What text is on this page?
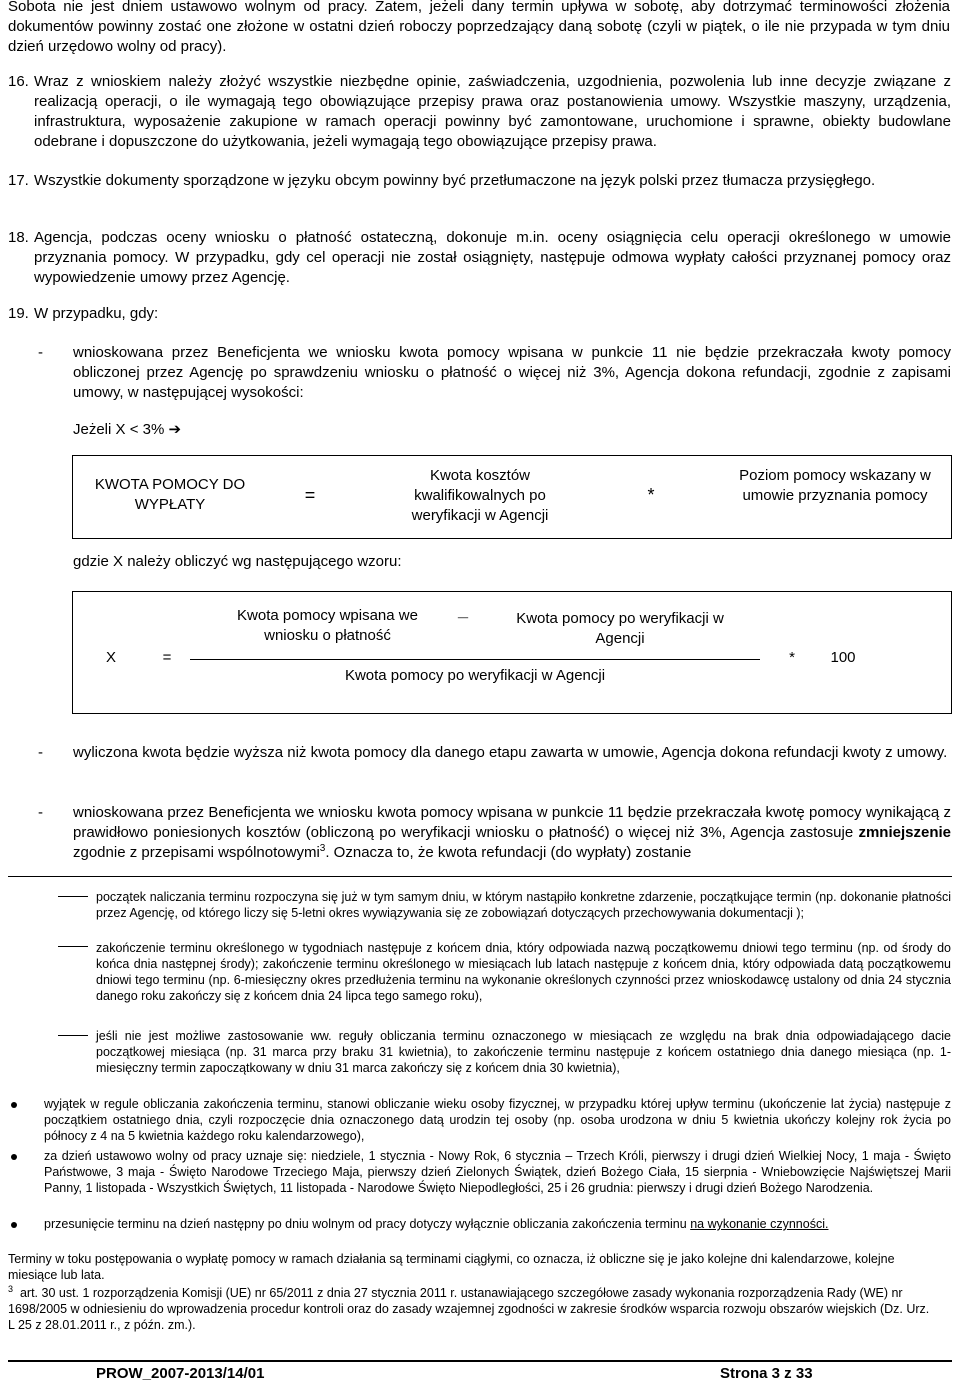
Sobota nie jest dniem ustawowo wolnym od pracy. Zatem, jeżeli dany termin upływa w sobotę, aby dotrzymać terminowości złożenia dokumentów powinny zostać one złożone w ostatni dzień roboczy poprzedzający daną sobotę (czyli w piątek, o ile nie przypada w tym dniu dzień urzędowo wolny od pracy).
16. Wraz z wnioskiem należy złożyć wszystkie niezbędne opinie, zaświadczenia, uzgodnienia, pozwolenia lub inne decyzje związane z realizacją operacji, o ile wymagają tego obowiązujące przepisy prawa oraz postanowienia umowy. Wszystkie maszyny, urządzenia, infrastruktura, wyposażenie zakupione w ramach operacji powinny być zamontowane, uruchomione i sprawne, obiekty budowlane odebrane i dopuszczone do użytkowania, jeżeli wymagają tego obowiązujące przepisy prawa.
17. Wszystkie dokumenty sporządzone w języku obcym powinny być przetłumaczone na język polski przez tłumacza przysięgłego.
18. Agencja, podczas oceny wniosku o płatność ostateczną, dokonuje m.in. oceny osiągnięcia celu operacji określonego w umowie przyznania pomocy. W przypadku, gdy cel operacji nie został osiągnięty, następuje odmowa wypłaty całości przyznanej pomocy oraz wypowiedzenie umowy przez Agencję.
19. W przypadku, gdy:
-	wnioskowana przez Beneficjenta we wniosku kwota pomocy wpisana w punkcie 11 nie będzie przekraczała kwoty pomocy obliczonej przez Agencję po sprawdzeniu wniosku o płatność o więcej niż 3%, Agencja dokona refundacji, zgodnie z zapisami umowy, w następującej wysokości:
Jeżeli X < 3% ➔
KWOTA POMOCY DO WYPŁATY	=
Kwota kosztów kwalifikowalnych po weryfikacji w Agencji
*
Poziom pomocy wskazany w umowie przyznania pomocy
gdzie X należy obliczyć wg następującego wzoru:
X	=
Kwota pomocy wpisana we wniosku o płatność
_	Kwota pomocy po weryfikacji w Agencji
Kwota pomocy po weryfikacji w Agencji
*	100
-	wyliczona kwota będzie wyższa niż kwota pomocy dla danego etapu zawarta w umowie, Agencja dokona refundacji kwoty z umowy.
-	wnioskowana przez Beneficjenta we wniosku kwota pomocy wpisana w punkcie 11 będzie przekraczała kwotę pomocy wynikającą z prawidłowo poniesionych kosztów (obliczoną po weryfikacji wniosku o płatność) o więcej niż 3%, Agencja zastosuje zmniejszenie zgodnie z przepisami wspólnotowymi$^3$. Oznacza to, że kwota refundacji (do wypłaty) zostanie
początek naliczania terminu rozpoczyna się już w tym samym dniu, w którym nastąpiło konkretne zdarzenie, początkujące termin (np. dokonanie płatności przez Agencję, od którego liczy się 5-letni okres wywiązywania się ze zobowiązań dotyczących przechowywania dokumentacji );
zakończenie terminu określonego w tygodniach następuje z końcem dnia, który odpowiada nazwą początkowemu dniowi tego terminu (np. od środy do końca dnia następnej środy); zakończenie terminu określonego w miesiącach lub latach następuje z końcem dnia, który odpowiada datą początkowemu dniowi tego terminu (np. 6-miesięczny okres przedłużenia terminu na wykonanie określonych czynności przez wnioskodawcę ustalony od dnia 24 stycznia danego roku zakończy się z końcem dnia 24 lipca tego samego roku),
jeśli nie jest możliwe zastosowanie ww. reguły obliczania terminu oznaczonego w miesiącach ze względu na brak dnia odpowiadającego dacie początkowej miesiąca (np. 31 marca przy braku 31 kwietnia), to zakończenie terminu następuje z końcem ostatniego dnia danego miesiąca (np. 1-miesięczny termin zapoczątkowany w dniu 31 marca zakończy się z końcem dnia 30 kwietnia),
wyjątek w regule obliczania zakończenia terminu, stanowi obliczanie wieku osoby fizycznej, w przypadku której upływ terminu (ukończenie lat życia) następuje z początkiem ostatniego dnia, czyli rozpoczęcie dnia oznaczonego datą urodzin tej osoby (np. osoba urodzona w dniu 5 kwietnia ukończy kolejny rok życia po północy z 4 na 5 kwietnia każdego roku kalendarzowego),
za dzień ustawowo wolny od pracy uznaje się: niedziele, 1 stycznia - Nowy Rok, 6 stycznia – Trzech Króli, pierwszy i drugi dzień Wielkiej Nocy, 1 maja - Święto Państwowe, 3 maja - Święto Narodowe Trzeciego Maja, pierwszy dzień Zielonych Świątek, dzień Bożego Ciała, 15 sierpnia - Wniebowzięcie Najświętszej Marii Panny, 1 listopada - Wszystkich Świętych, 11 listopada - Narodowe Święto Niepodległości, 25 i 26 grudnia: pierwszy i drugi dzień Bożego Narodzenia.
przesunięcie terminu na dzień następny po dniu wolnym od pracy dotyczy wyłącznie obliczania zakończenia terminu na wykonanie czynności.
Terminy w toku postępowania o wypłatę pomocy w ramach działania są terminami ciągłymi, co oznacza, iż obliczne się je jako kolejne dni kalendarzowe, kolejne miesiące lub lata.
$^3$ art. 30 ust. 1 rozporządzenia Komisji (UE) nr 65/2011 z dnia 27 stycznia 2011 r. ustanawiającego szczegółowe zasady wykonania rozporządzenia Rady (WE) nr 1698/2005 w odniesieniu do wprowadzenia procedur kontroli oraz do zasady wzajemnej zgodności w zakresie środków wsparcia rozwoju obszarów wiejskich (Dz. Urz. L 25 z 28.01.2011 r., z późn. zm.).
PROW_2007-2013/14/01	Strona 3 z 33
